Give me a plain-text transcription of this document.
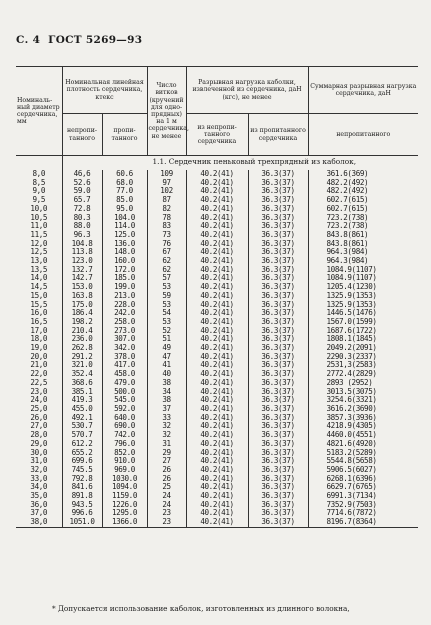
С. 4 ГОСТ 5269—93
Номинальный диаметр сердечника, мм	Номинальная линейная плотность сердечника, ктекс		Число витков (кручений для однопрядных) на 1 м сердечника, не менее	Разрывная нагрузка каболки, извлеченной из сердечника, даН (кгс), не менее		Суммарная разрывная нагрузка сердечника, даН
	непропитанного	пропитанного		из непропитанного сердечника	из пропитанного сердечника	непропитанного
	1.1. Сердечник пеньковый трехпрядный из каболок,					
8,0	46,6	60.6	109	40.2(41)	36.3(37)	361.6(369)
8,5	52.6	68.0	97	40.2(41)	36.3(37)	482.2(492)
9,0	59.0	77.0	102	40.2(41)	36.3(37)	482.2(492)
9,5	65.7	85.0	87	40.2(41)	36.3(37)	602.7(615)
10,0	72.8	95.0	82	40.2(41)	36.3(37)	602.7(615)
10,5	80.3	104.0	78	40.2(41)	36.3(37)	723.2(738)
11,0	88.0	114.0	83	40.2(41)	36.3(37)	723.2(738)
11,5	96.3	125.0	73	40.2(41)	36.3(37)	843.8(861)
12,0	104.8	136.0	76	40.2(41)	36.3(37)	843.8(861)
12,5	113.8	148.0	67	40.2(41)	36.3(37)	964.3(984)
13,0	123.0	160.0	62	40.2(41)	36.3(37)	964.3(984)
13,5	132.7	172.0	62	40.2(41)	36.3(37)	1084.9(1107)
14,0	142.7	185.0	57	40.2(41)	36.3(37)	1084.9(1107)
14,5	153.0	199.0	53	40.2(41)	36.3(37)	1205.4(1230)
15,0	163.8	213.0	59	40.2(41)	36.3(37)	1325.9(1353)
15,5	175.0	228.0	53	40.2(41)	36.3(37)	1325.9(1353)
16,0	186.4	242.0	54	40.2(41)	36.3(37)	1446.5(1476)
16,5	198.2	258.0	53	40.2(41)	36.3(37)	1567.0(1599)
17,0	210.4	273.0	52	40.2(41)	36.3(37)	1687.6(1722)
18,0	236.0	307.0	51	40.2(41)	36.3(37)	1808.1(1845)
19,0	262.8	342.0	49	40.2(41)	36.3(37)	2049.2(2091)
20,0	291.2	378.0	47	40.2(41)	36.3(37)	2290.3(2337)
21,0	321.0	417.0	41	40.2(41)	36.3(37)	2531,3(2583)
22,0	352.4	458.0	40	40.2(41)	36.3(37)	2772.4(2829)
22,5	368.6	479.0	38	40.2(41)	36.3(37)	2893 (2952)
23,0	385.1	500.0	34	40.2(41)	36.3(37)	3013.5(3075)
24,0	419.3	545.0	38	40.2(41)	36.3(37)	3254.6(3321)
25,0	455.0	592.0	37	40.2(41)	36.3(37)	3616.2(3690)
26,0	492.1	640.0	33	40.2(41)	36.3(37)	3857.3(3936)
27,0	530.7	690.0	32	40.2(41)	36.3(37)	4218.9(4305)
28,0	570.7	742.0	32	40.2(41)	36.3(37)	4460.0(4551)
29,0	612.2	796.0	31	40.2(41)	36.3(37)	4821.6(4920)
30,0	655.2	852.0	29	40.2(41)	36.3(37)	5183.2(5289)
31,0	699.6	910.0	27	40.2(41)	36.3(37)	5544.8(5658)
32,0	745.5	969.0	26	40.2(41)	36.3(37)	5906.5(6027)
33,0	792.8	1030.0	26	40.2(41)	36.3(37)	6268.1(6396)
34,0	841.6	1094.0	25	40.2(41)	36.3(37)	6629.7(6765)
35,0	891.8	1159.0	24	40.2(41)	36.3(37)	6991.3(7134)
36,0	943.5	1226.0	24	40.2(41)	36.3(37)	7352.9(7503)
37,0	996.6	1295.0	23	40.2(41)	36.3(37)	7714.6(7872)
38,0	1051.0	1366.0	23	40.2(41)	36.3(37)	8196.7(8364)
* Допускается использование каболок, изготовленных из длинного волокна,
